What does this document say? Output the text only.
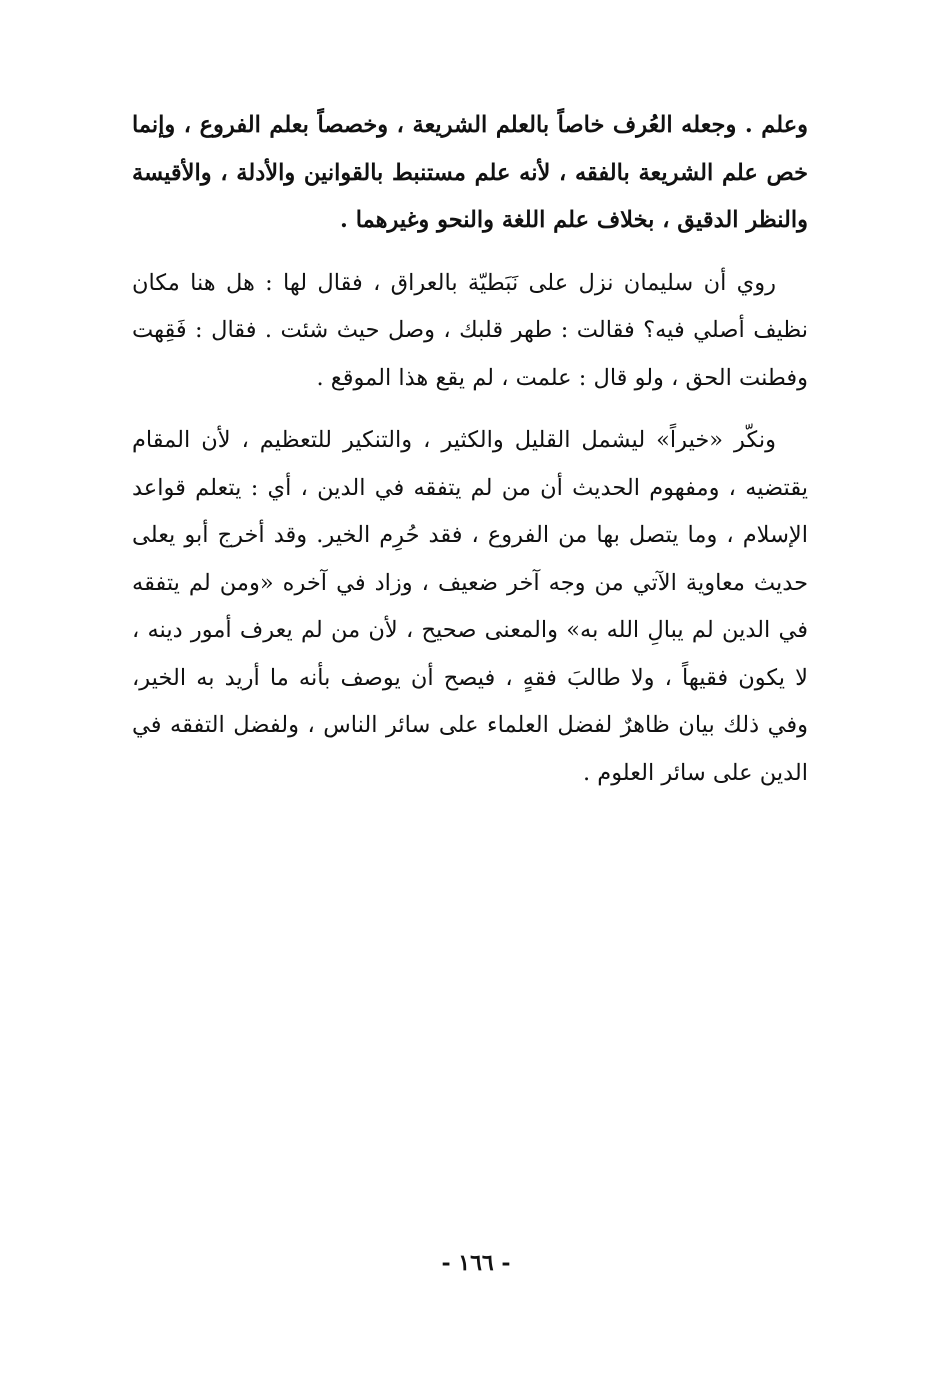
وعلم . وجعله العُرف خاصاً بالعلم الشريعة ، وخصصاً بعلم الفروع ، وإنما خص علم الشريعة بالفقه ، لأنه علم مستنبط بالقوانين والأدلة ، والأقيسة والنظر الدقيق ، بخلاف علم اللغة والنحو وغيرهما .

روي أن سليمان نزل على نَبَطيّة بالعراق ، فقال لها : هل هنا مكان نظيف أصلي فيه؟ فقالت : طهر قلبك ، وصل حيث شئت . فقال : فَقِهت وفطنت الحق ، ولو قال : علمت ، لم يقع هذا الموقع .

ونكّر «خيراً» ليشمل القليل والكثير ، والتنكير للتعظيم ، لأن المقام يقتضيه ، ومفهوم الحديث أن من لم يتفقه في الدين ، أي : يتعلم قواعد الإسلام ، وما يتصل بها من الفروع ، فقد حُرِم الخير. وقد أخرج أبو يعلى حديث معاوية الآتي من وجه آخر ضعيف ، وزاد في آخره «ومن لم يتفقه في الدين لم يبالِ الله به» والمعنى صحيح ، لأن من لم يعرف أمور دينه ، لا يكون فقيهاً ، ولا طالبَ فقهٍ ، فيصح أن يوصف بأنه ما أريد به الخير، وفي ذلك بيان ظاهرٌ لفضل العلماء على سائر الناس ، ولفضل التفقه في الدين على سائر العلوم .

- ١٦٦ -
